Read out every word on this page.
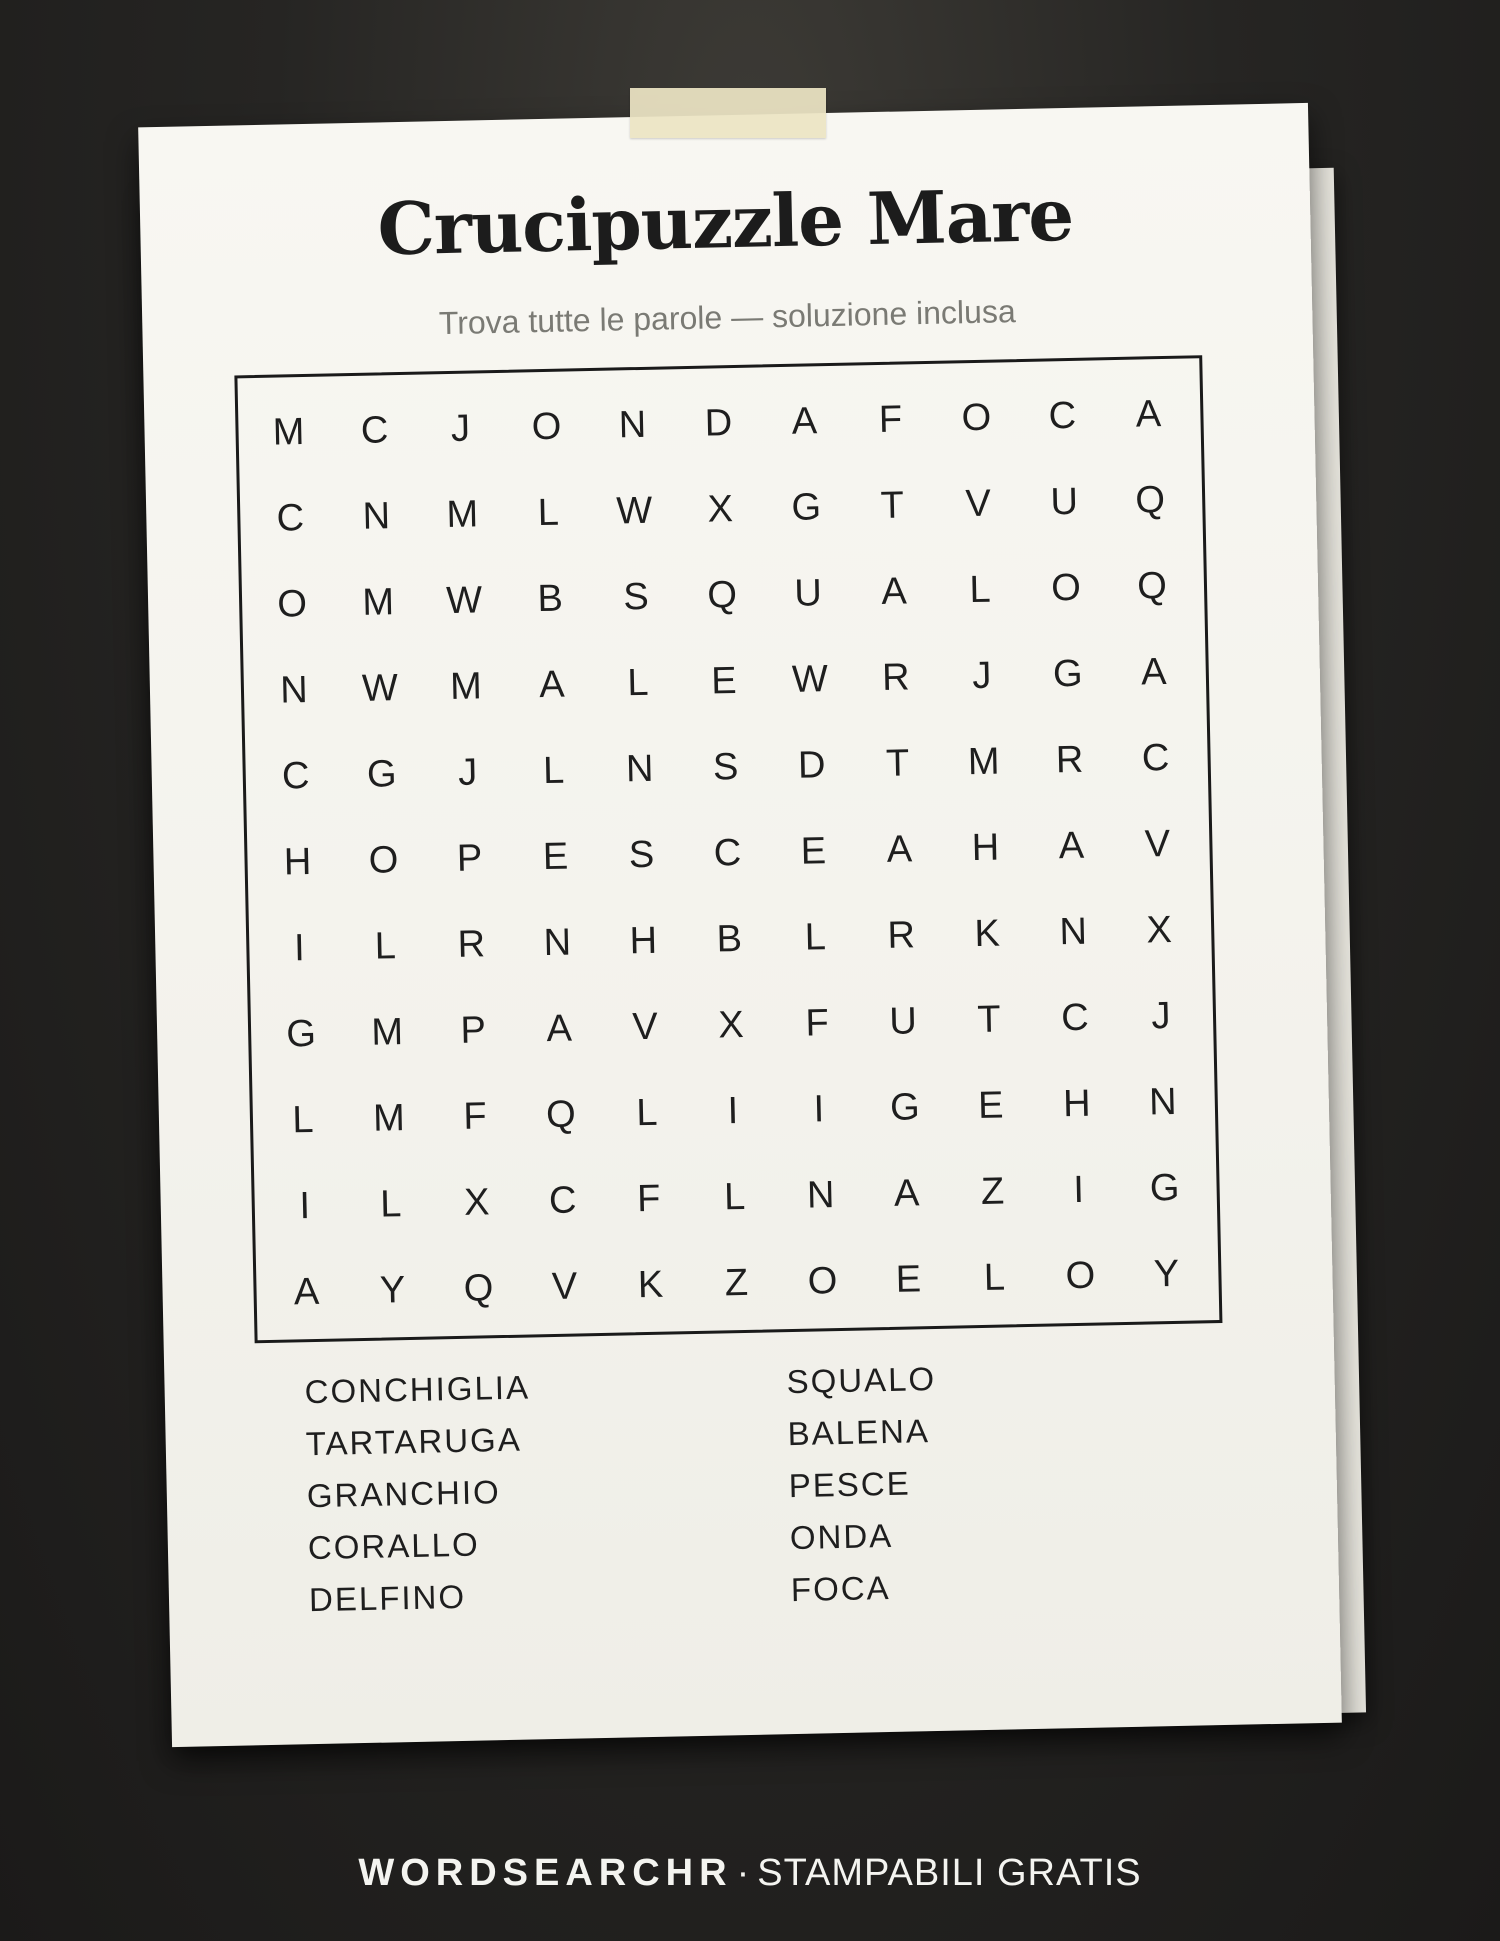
Crucipuzzle Mare
Trova tutte le parole — soluzione inclusa
M	C	J	O	N	D	A	F	O	C	A
C	N	M	L	W	X	G	T	V	U	Q
O	M	W	B	S	Q	U	A	L	O	Q
N	W	M	A	L	E	W	R	J	G	A
C	G	J	L	N	S	D	T	M	R	C
H	O	P	E	S	C	E	A	H	A	V
I	L	R	N	H	B	L	R	K	N	X
G	M	P	A	V	X	F	U	T	C	J
L	M	F	Q	L	I	I	G	E	H	N
I	L	X	C	F	L	N	A	Z	I	G
A	Y	Q	V	K	Z	O	E	L	O	Y
CONCHIGLIA
TARTARUGA
GRANCHIO
CORALLO
DELFINO
SQUALO
BALENA
PESCE
ONDA
FOCA
WORDSEARCHR · STAMPABILI GRATIS
